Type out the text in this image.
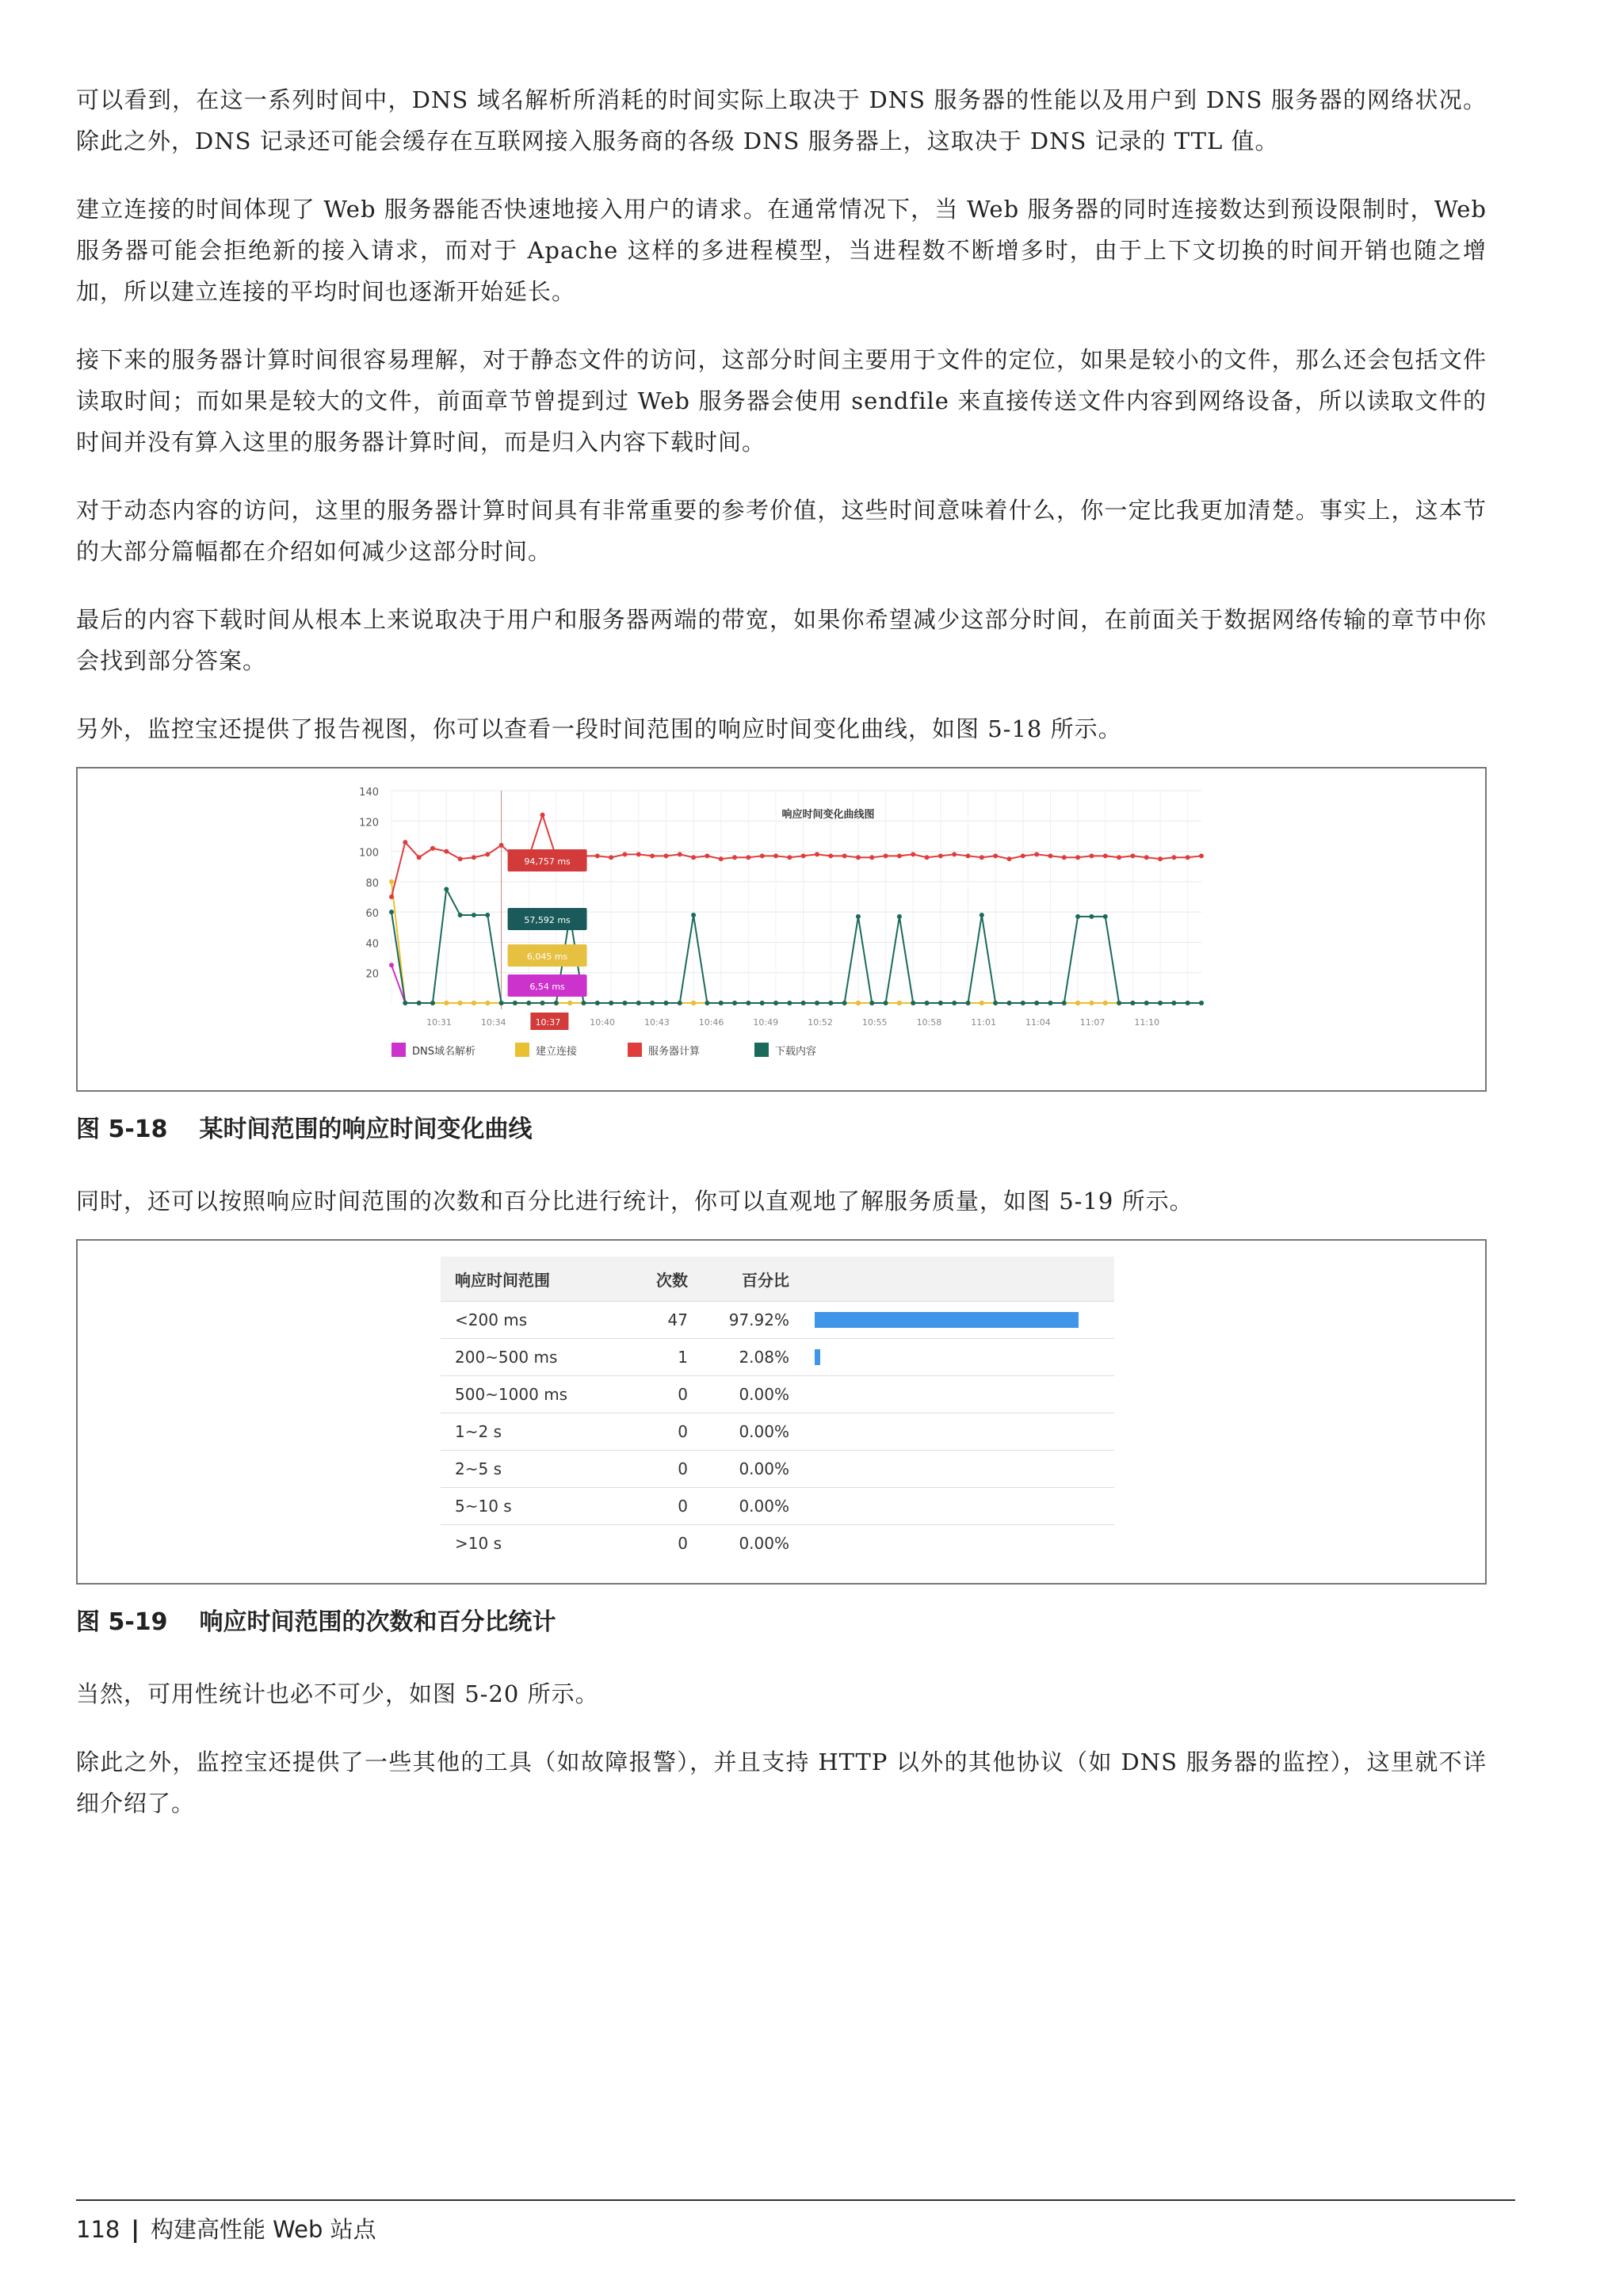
可以看到，在这一系列时间中，DNS 域名解析所消耗的时间实际上取决于 DNS 服务器的性能以及用户到 DNS 服务器的网络状况。除此之外，DNS 记录还可能会缓存在互联网接入服务商的各级 DNS 服务器上，这取决于 DNS 记录的 TTL 值。

建立连接的时间体现了 Web 服务器能否快速地接入用户的请求。在通常情况下，当 Web 服务器的同时连接数达到预设限制时，Web 服务器可能会拒绝新的接入请求，而对于 Apache 这样的多进程模型，当进程数不断增多时，由于上下文切换的时间开销也随之增加，所以建立连接的平均时间也逐渐开始延长。

接下来的服务器计算时间很容易理解，对于静态文件的访问，这部分时间主要用于文件的定位，如果是较小的文件，那么还会包括文件读取时间；而如果是较大的文件，前面章节曾提到过 Web 服务器会使用 sendfile 来直接传送文件内容到网络设备，所以读取文件的时间并没有算入这里的服务器计算时间，而是归入内容下载时间。

对于动态内容的访问，这里的服务器计算时间具有非常重要的参考价值，这些时间意味着什么，你一定比我更加清楚。事实上，这本节的大部分篇幅都在介绍如何减少这部分时间。

最后的内容下载时间从根本上来说取决于用户和服务器两端的带宽，如果你希望减少这部分时间，在前面关于数据网络传输的章节中你会找到部分答案。

另外，监控宝还提供了报告视图，你可以查看一段时间范围的响应时间变化曲线，如图 5-18 所示。

20
40
60
80
100
120
140
10:31	10:34	10:37	10:40	10:43	10:46	10:49	10:52	10:55	10:58	11:01	11:04	11:07	11:10
响应时间变化曲线图
94,757 ms
57,592 ms
6,045 ms
6,54 ms
DNS域名解析	建立连接	服务器计算	下载内容
图 5-18 某时间范围的响应时间变化曲线

同时，还可以按照响应时间范围的次数和百分比进行统计，你可以直观地了解服务质量，如图 5-19 所示。

响应时间范围	次数	百分比	
<200 ms	47	97.92%	

200~500 ms	1	2.08%	

500~1000 ms	0	0.00%	
1~2 s	0	0.00%	
2~5 s	0	0.00%	
5~10 s	0	0.00%	
>10 s	0	0.00%	
图 5-19 响应时间范围的次数和百分比统计

当然，可用性统计也必不可少，如图 5-20 所示。

除此之外，监控宝还提供了一些其他的工具（如故障报警），并且支持 HTTP 以外的其他协议（如 DNS 服务器的监控），这里就不详细介绍了。

118 | 构建高性能 Web 站点
